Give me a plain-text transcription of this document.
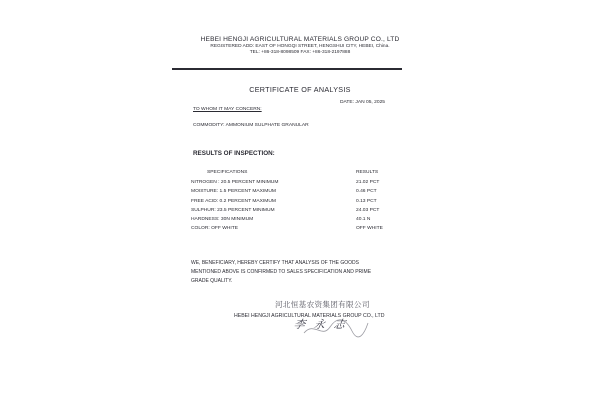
HEBEI HENGJI AGRICULTURAL MATERIALS GROUP CO., LTD
REGISTERED ADD: EAST OF HONGQI STREET, HENGSHUI CITY, HEBEI, China.
TEL: +86-318-8098509 FAX: +86-318-2197888
CERTIFICATE OF ANALYSIS
DATE: JAN 05, 2025
TO WHOM IT MAY CONCERN:
COMMODITY: AMMONIUM SULPHATE GRANULAR
RESULTS OF INSPECTION:
SPECIFICATIONS	RESULTS
NITROGEN : 20.5 PERCENT MINIMUM	21.02 PCT
MOISTURE: 1.5 PERCENT MAXIMUM	0.46 PCT
FREE ACID: 0.2 PERCENT MAXIMUM	0.13 PCT
SULPHUR: 23.5 PERCENT MINIMUM	24.03 PCT
HARDNESS: 30N MINIMUM	40.1 N
COLOR: OFF WHITE	OFF WHITE
WE, BENEFICIARY, HEREBY CERTIFY THAT ANALYSIS OF THE GOODS
MENTIONED ABOVE IS CONFIRMED TO SALES SPECIFICATION AND PRIME
GRADE QUALITY.
河北恒基农资集团有限公司
HEBEI HENGJI AGRICULTURAL MATERIALS GROUP CO., LTD
李永志
